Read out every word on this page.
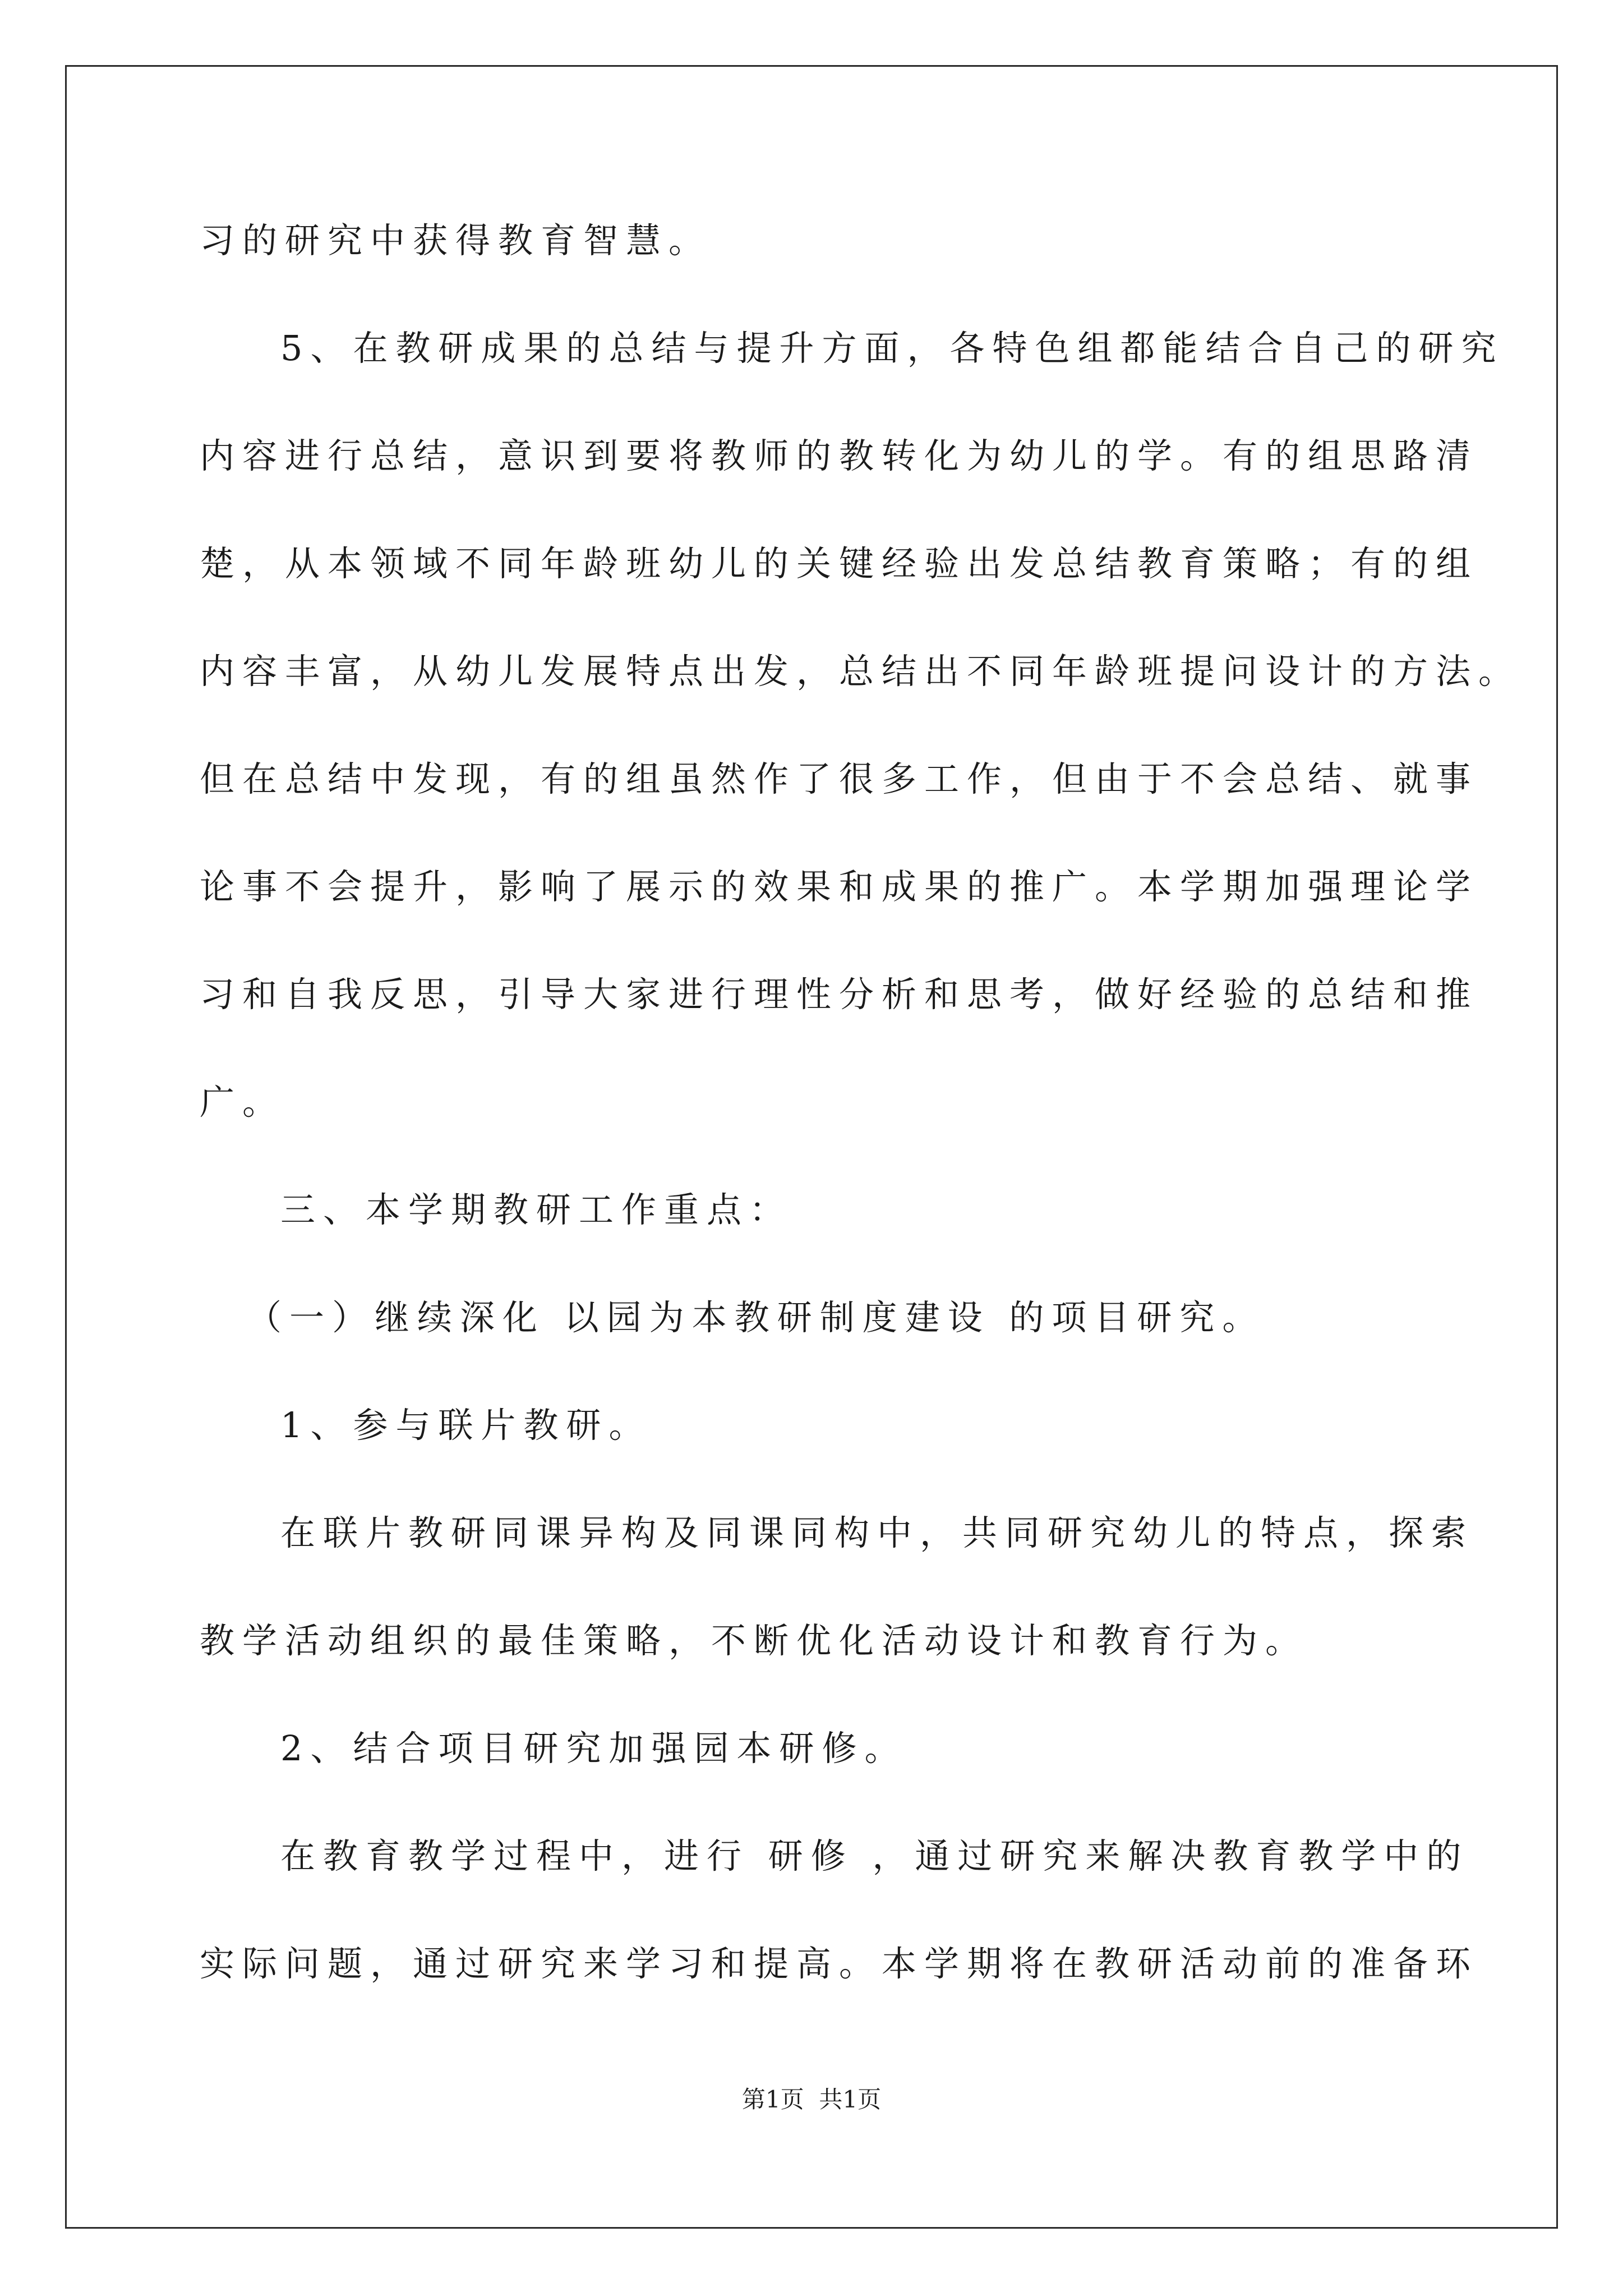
习的研究中获得教育智慧。
5、在教研成果的总结与提升方面，各特色组都能结合自己的研究
内容进行总结，意识到要将教师的教转化为幼儿的学。有的组思路清
楚，从本领域不同年龄班幼儿的关键经验出发总结教育策略；有的组
内容丰富，从幼儿发展特点出发，总结出不同年龄班提问设计的方法。
但在总结中发现，有的组虽然作了很多工作，但由于不会总结、就事
论事不会提升，影响了展示的效果和成果的推广。本学期加强理论学
习和自我反思，引导大家进行理性分析和思考，做好经验的总结和推
广。
三、本学期教研工作重点：
（一）继续深化 以园为本教研制度建设 的项目研究。
1、参与联片教研。
在联片教研同课异构及同课同构中，共同研究幼儿的特点，探索
教学活动组织的最佳策略，不断优化活动设计和教育行为。
2、结合项目研究加强园本研修。
在教育教学过程中，进行 研修 ，通过研究来解决教育教学中的
实际问题，通过研究来学习和提高。本学期将在教研活动前的准备环
第1页  共1页
